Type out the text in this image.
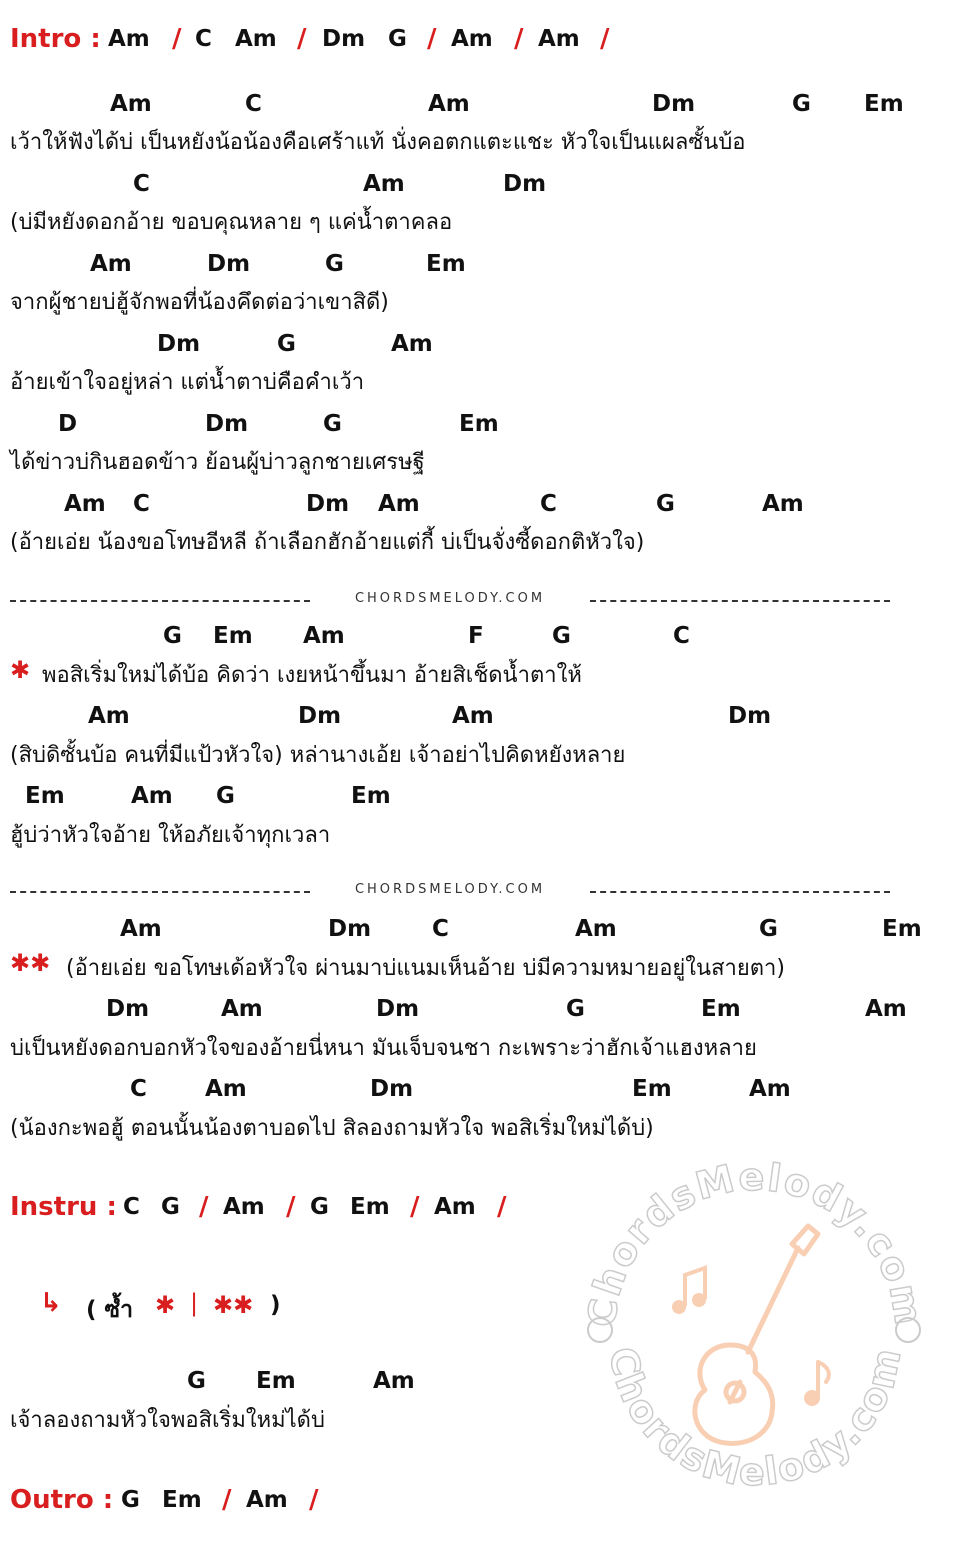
Intro : Am / C Am / Dm G / Am / Am /
Am	C	Am	Dm	G Em
เว้าให้ฟังได้บ่ เป็นหยังน้อน้องคือเศร้าแท้ นั่งคอตกแตะแชะ หัวใจเป็นแผลซั้นบ้อ
C	Am	Dm
(บ่มีหยังดอกอ้าย ขอบคุณหลาย ๆ แค่น้ำตาคลอ
Am	Dm	G	Em
จากผู้ชายบ่ฮู้จักพอที่น้องคึดต่อว่าเขาสิดี)
Dm	G	Am
อ้ายเข้าใจอยู่หล่า แต่น้ำตาบ่คือคำเว้า
D	Dm	G	Em
ได้ข่าวบ่กินฮอดข้าว ย้อนผู้บ่าวลูกชายเศรษฐี
Am C	Dm Am	C	G	Am
(อ้ายเอ่ย น้องขอโทษอีหลี ถ้าเลือกฮักอ้ายแต่กี้ บ่เป็นจั่งซี้ดอกติหัวใจ)
CHORDSMELODY.COM
G Em Am	F	G	C
✱ พอสิเริ่มใหม่ได้บ้อ คิดว่า เงยหน้าขึ้นมา อ้ายสิเช็ดน้ำตาให้
Am	Dm	Am	Dm
(สิบ่ดิซั้นบ้อ คนที่มีแป้วหัวใจ) หล่านางเอ้ย เจ้าอย่าไปคิดหยังหลาย
Em	Am G	Em
ฮู้บ่ว่าหัวใจอ้าย ให้อภัยเจ้าทุกเวลา
CHORDSMELODY.COM
Am	Dm	C	Am	G	Em
✱✱ (อ้ายเอ่ย ขอโทษเด้อหัวใจ ผ่านมาบ่แนมเห็นอ้าย บ่มีความหมายอยู่ในสายตา)
Dm	Am	Dm	G	Em	Am
บ่เป็นหยังดอกบอกหัวใจของอ้ายนี่หนา มันเจ็บจนชา กะเพราะว่าฮักเจ้าแฮงหลาย
C	Am	Dm	Em	Am
(น้องกะพอฮู้ ตอนนั้นน้องตาบอดไป สิลองถามหัวใจ พอสิเริ่มใหม่ได้บ่)
Instru : C G / Am / G Em / Am /
↳ ( ซ้ำ ✱ | ✱✱ )
G Em	Am
เจ้าลองถามหัวใจพอสิเริ่มใหม่ได้บ่
Outro : G Em / Am /
ChordsMelody.com
ChordsMelody.com
